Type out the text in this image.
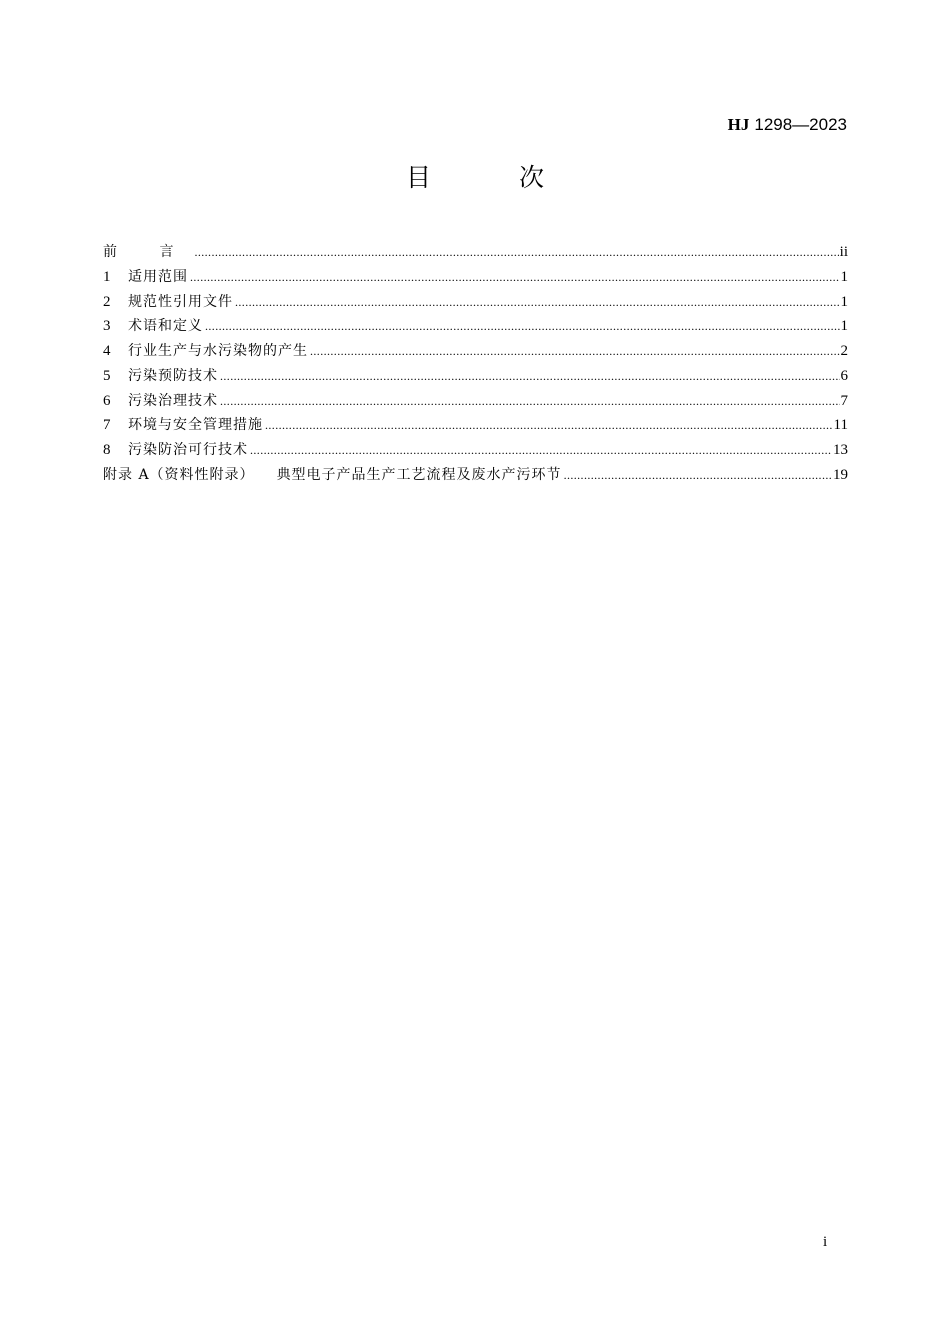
HJ 1298—2023
目 次
前 言 .....	ii
1	适用范围 .....	1
2	规范性引用文件 .....	1
3	术语和定义 .....	1
4	行业生产与水污染物的产生 .....	2
5	污染预防技术 .....	6
6	污染治理技术 .....	7
7	环境与安全管理措施 .....	11
8	污染防治可行技术 .....	13
附录 A（资料性附录） 典型电子产品生产工艺流程及废水产污环节 .....	19
i
